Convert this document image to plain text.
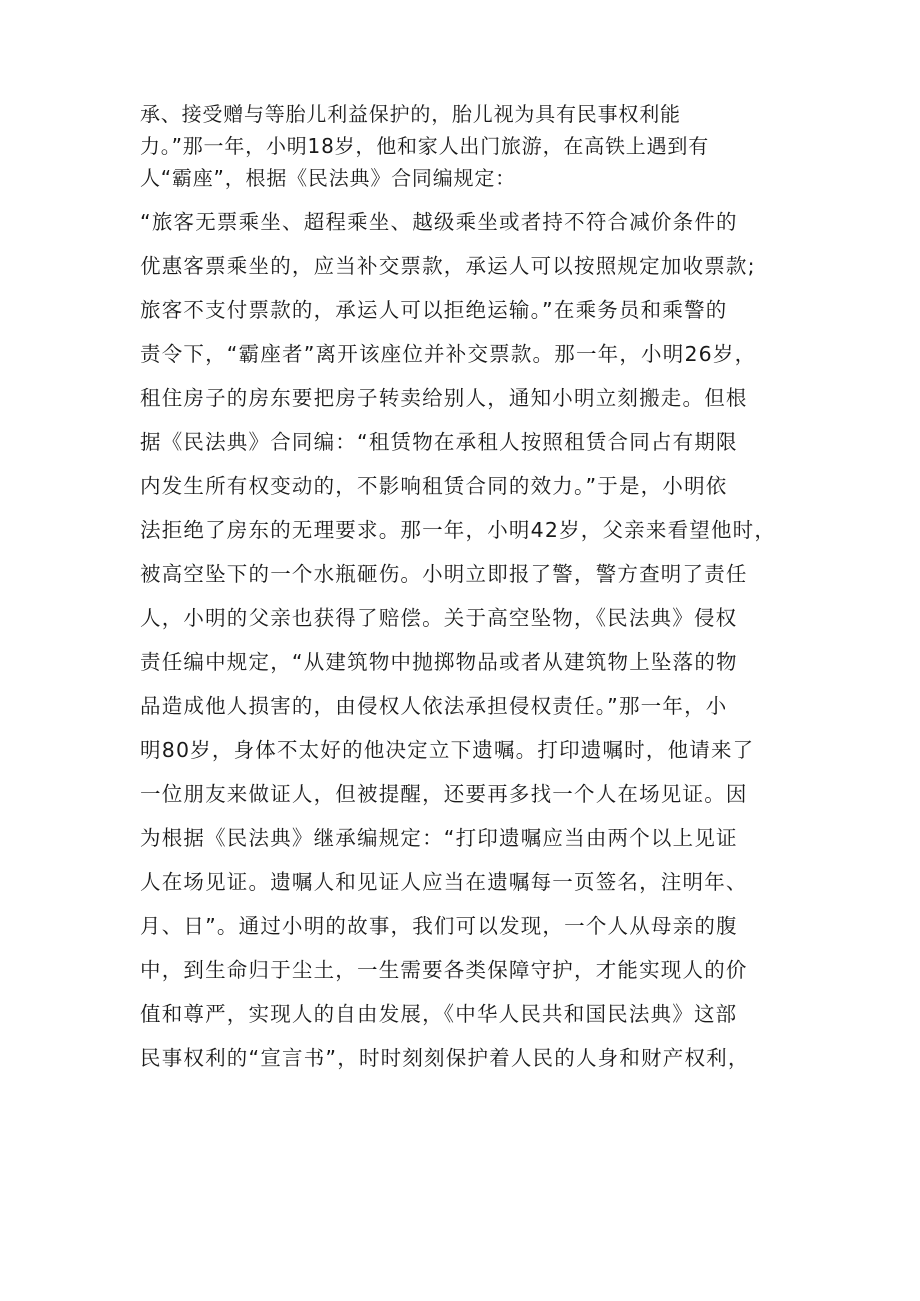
承、接受赠与等胎儿利益保护的，胎儿视为具有民事权利能
力。”那一年，小明18岁，他和家人出门旅游，在高铁上遇到有
人“霸座”，根据《民法典》合同编规定：
“旅客无票乘坐、超程乘坐、越级乘坐或者持不符合减价条件的
优惠客票乘坐的，应当补交票款，承运人可以按照规定加收票款;
旅客不支付票款的，承运人可以拒绝运输。”在乘务员和乘警的
责令下，“霸座者”离开该座位并补交票款。那一年，小明26岁，
租住房子的房东要把房子转卖给别人，通知小明立刻搬走。但根
据《民法典》合同编：“租赁物在承租人按照租赁合同占有期限
内发生所有权变动的，不影响租赁合同的效力。”于是，小明依
法拒绝了房东的无理要求。那一年，小明42岁，父亲来看望他时，
被高空坠下的一个水瓶砸伤。小明立即报了警，警方查明了责任
人，小明的父亲也获得了赔偿。关于高空坠物，《民法典》侵权
责任编中规定，“从建筑物中抛掷物品或者从建筑物上坠落的物
品造成他人损害的，由侵权人依法承担侵权责任。”那一年，小
明80岁，身体不太好的他决定立下遗嘱。打印遗嘱时，他请来了
一位朋友来做证人，但被提醒，还要再多找一个人在场见证。因
为根据《民法典》继承编规定：“打印遗嘱应当由两个以上见证
人在场见证。遗嘱人和见证人应当在遗嘱每一页签名，注明年、
月、日”。通过小明的故事，我们可以发现，一个人从母亲的腹
中，到生命归于尘土，一生需要各类保障守护，才能实现人的价
值和尊严，实现人的自由发展，《中华人民共和国民法典》这部
民事权利的“宣言书”，时时刻刻保护着人民的人身和财产权利，
